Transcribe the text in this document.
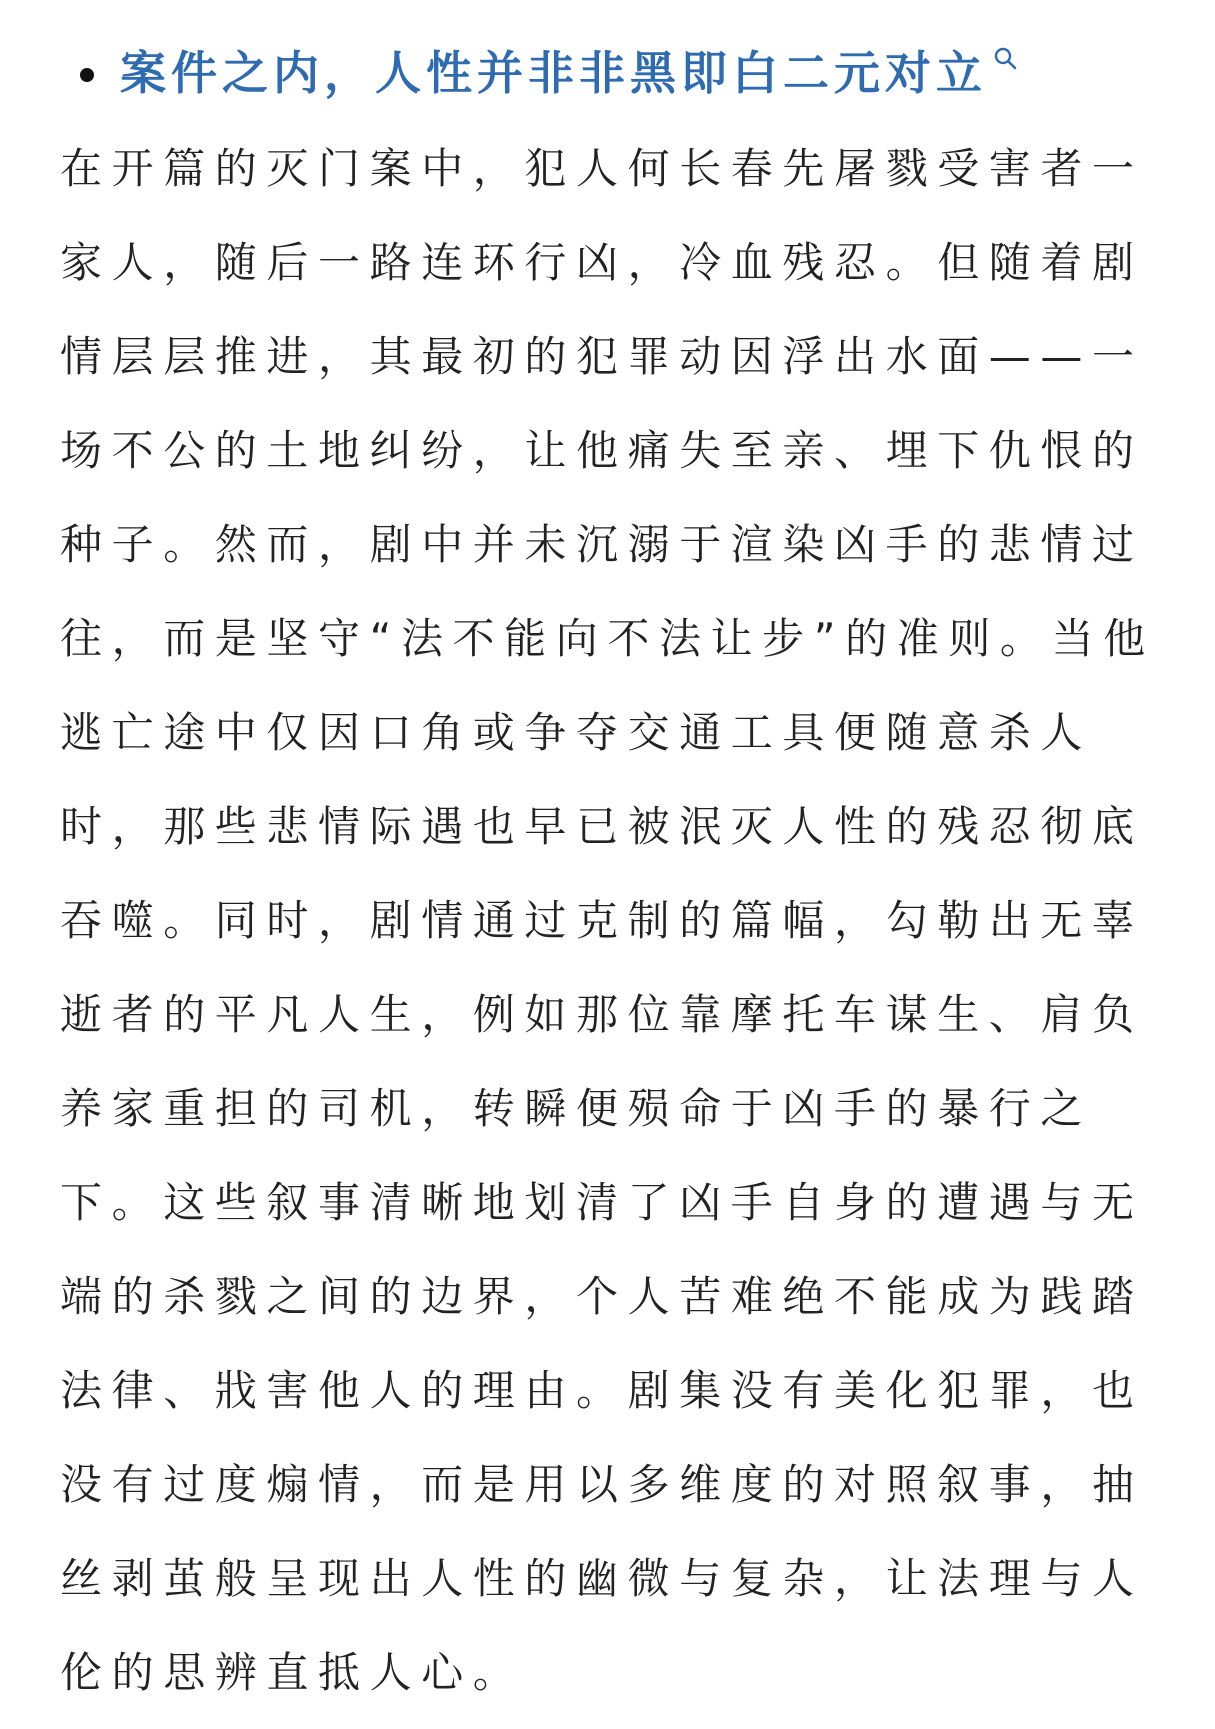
案件之内，人性并非非黑即白二元对立
在开篇的灭门案中，犯人何长春先屠戮受害者一
家人，随后一路连环行凶，冷血残忍。但随着剧
情层层推进，其最初的犯罪动因浮出水面——一
场不公的土地纠纷，让他痛失至亲、埋下仇恨的
种子。然而，剧中并未沉溺于渲染凶手的悲情过
往，而是坚守“法不能向不法让步”的准则。当他
逃亡途中仅因口角或争夺交通工具便随意杀人
时，那些悲情际遇也早已被泯灭人性的残忍彻底
吞噬。同时，剧情通过克制的篇幅，勾勒出无辜
逝者的平凡人生，例如那位靠摩托车谋生、肩负
养家重担的司机，转瞬便殒命于凶手的暴行之
下。这些叙事清晰地划清了凶手自身的遭遇与无
端的杀戮之间的边界，个人苦难绝不能成为践踏
法律、戕害他人的理由。剧集没有美化犯罪，也
没有过度煽情，而是用以多维度的对照叙事，抽
丝剥茧般呈现出人性的幽微与复杂，让法理与人
伦的思辨直抵人心。
